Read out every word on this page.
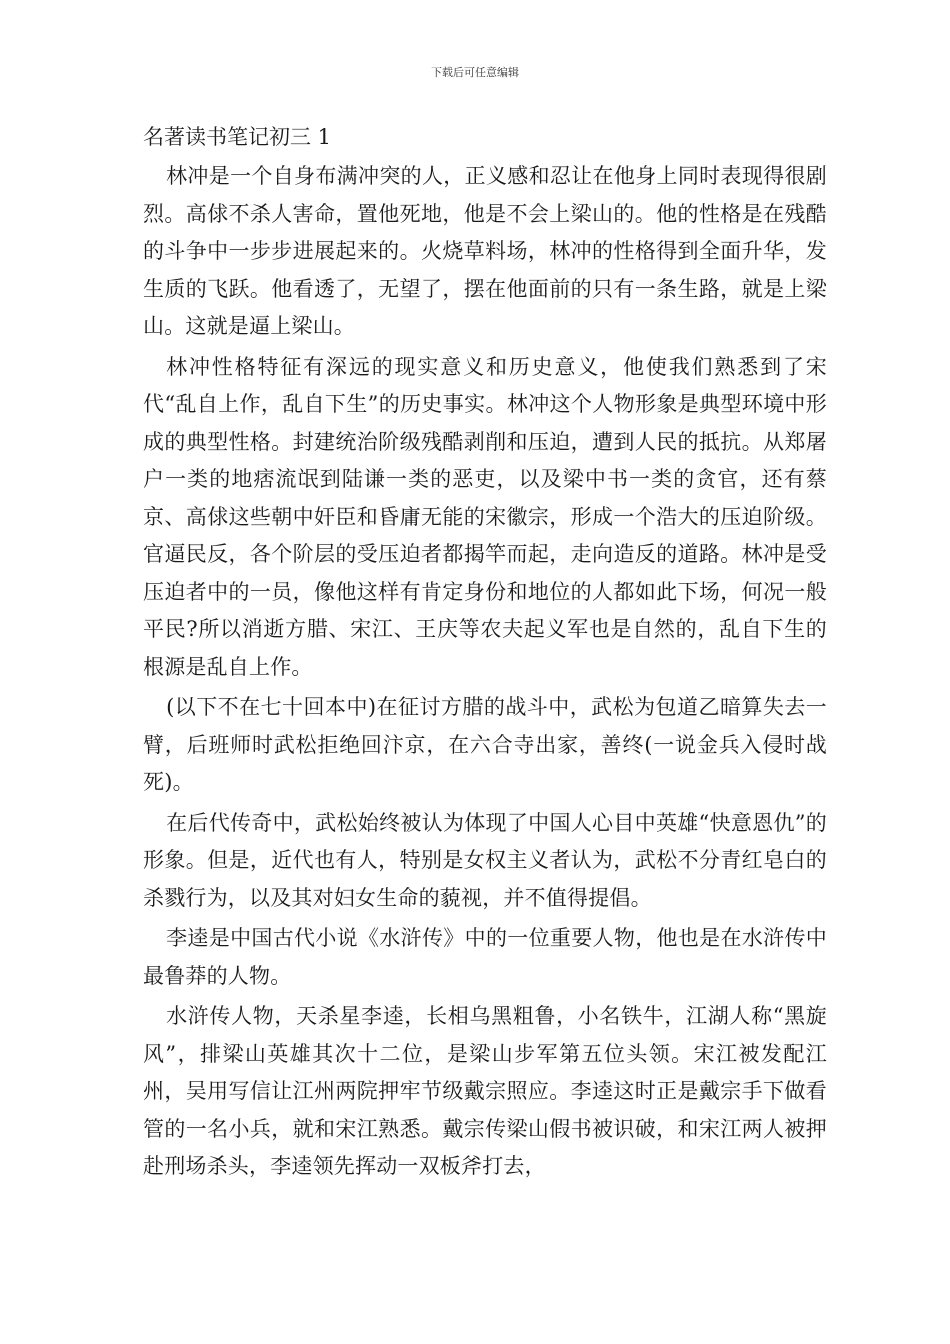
下载后可任意编辑
名著读书笔记初三 1

林冲是一个自身布满冲突的人，正义感和忍让在他身上同时表现得很剧烈。高俅不杀人害命，置他死地，他是不会上梁山的。他的性格是在残酷的斗争中一步步进展起来的。火烧草料场，林冲的性格得到全面升华，发生质的飞跃。他看透了，无望了，摆在他面前的只有一条生路，就是上梁山。这就是逼上梁山。

林冲性格特征有深远的现实意义和历史意义，他使我们熟悉到了宋代“乱自上作，乱自下生”的历史事实。林冲这个人物形象是典型环境中形成的典型性格。封建统治阶级残酷剥削和压迫，遭到人民的抵抗。从郑屠户一类的地痞流氓到陆谦一类的恶吏，以及梁中书一类的贪官，还有蔡京、高俅这些朝中奸臣和昏庸无能的宋徽宗，形成一个浩大的压迫阶级。官逼民反，各个阶层的受压迫者都揭竿而起，走向造反的道路。林冲是受压迫者中的一员，像他这样有肯定身份和地位的人都如此下场，何况一般平民?所以消逝方腊、宋江、王庆等农夫起义军也是自然的，乱自下生的根源是乱自上作。

(以下不在七十回本中)在征讨方腊的战斗中，武松为包道乙暗算失去一臂，后班师时武松拒绝回汴京，在六合寺出家，善终(一说金兵入侵时战死)。

在后代传奇中，武松始终被认为体现了中国人心目中英雄“快意恩仇”的形象。但是，近代也有人，特别是女权主义者认为，武松不分青红皂白的杀戮行为，以及其对妇女生命的藐视，并不值得提倡。

李逵是中国古代小说《水浒传》中的一位重要人物，他也是在水浒传中最鲁莽的人物。

水浒传人物，天杀星李逵，长相乌黑粗鲁，小名铁牛，江湖人称“黑旋风”，排梁山英雄其次十二位，是梁山步军第五位头领。宋江被发配江州，吴用写信让江州两院押牢节级戴宗照应。李逵这时正是戴宗手下做看管的一名小兵，就和宋江熟悉。戴宗传梁山假书被识破，和宋江两人被押赴刑场杀头，李逵领先挥动一双板斧打去，
